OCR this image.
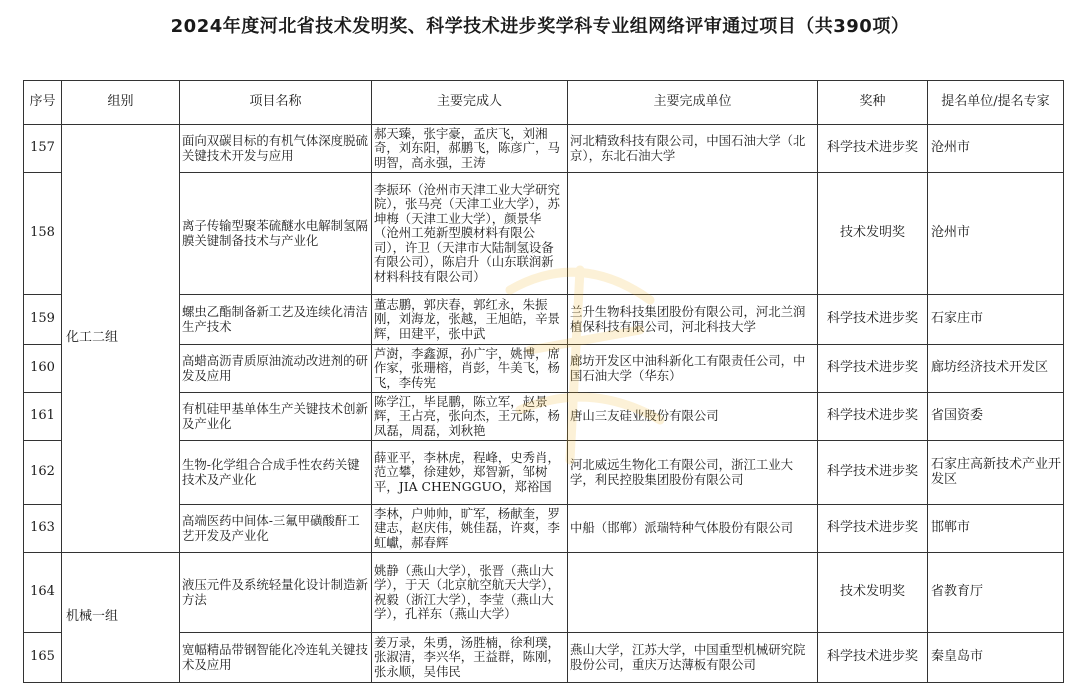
2024年度河北省技术发明奖、科学技术进步奖学科专业组网络评审通过项目（共390项）
序号	组别	项目名称	主要完成人	主要完成单位	奖种	提名单位/提名专家
157	化工二组	面向双碳目标的有机气体深度脱硫关键技术开发与应用	郝天臻，张宇豪，孟庆飞，刘湘奇，刘东阳，郝鹏飞，陈彦广，马明智，高永强，王涛	河北精致科技有限公司，中国石油大学（北京），东北石油大学	科学技术进步奖	沧州市
158		离子传输型聚苯硫醚水电解制氢隔膜关键制备技术与产业化	李振环（沧州市天津工业大学研究院），张马亮（天津工业大学），苏坤梅（天津工业大学），颜景华（沧州工苑新型膜材料有限公司），许卫（天津市大陆制氢设备有限公司），陈启升（山东联润新材料科技有限公司）		技术发明奖	沧州市
159		螺虫乙酯制备新工艺及连续化清洁生产技术	董志鹏，郭庆春，郭红永，朱振刚，刘海龙，张越，王旭皓，辛景辉，田建平，张中武	兰升生物科技集团股份有限公司，河北兰润植保科技有限公司，河北科技大学	科学技术进步奖	石家庄市
160		高蜡高沥青质原油流动改进剂的研发及应用	芦澍，李鑫源，孙广宇，姚博，席作家，张珊榕，肖彭，牛美飞，杨飞，李传宪	廊坊开发区中油科新化工有限责任公司，中国石油大学（华东）	科学技术进步奖	廊坊经济技术开发区
161		有机硅甲基单体生产关键技术创新及产业化	陈学江，毕昆鹏，陈立军，赵景辉，王占亮，张向杰，王元陈，杨凤磊，周磊，刘秋艳	唐山三友硅业股份有限公司	科学技术进步奖	省国资委
162		生物-化学组合合成手性农药关键技术及产业化	薛亚平，李林虎，程峰，史秀肖，范立攀，徐建妙，郑智新，邹树平，JIA CHENGGUO，郑裕国	河北威远生物化工有限公司，浙江工业大学，利民控股集团股份有限公司	科学技术进步奖	石家庄高新技术产业开发区
163		高端医药中间体-三氟甲磺酸酐工艺开发及产业化	李林，户帅帅，旷军，杨献奎，罗建志，赵庆伟，姚佳磊，许爽，李虹巘，郝春辉	中船（邯郸）派瑞特种气体股份有限公司	科学技术进步奖	邯郸市
164	机械一组	液压元件及系统轻量化设计制造新方法	姚静（燕山大学），张晋（燕山大学），于天（北京航空航天大学），祝毅（浙江大学），李莹（燕山大学），孔祥东（燕山大学）		技术发明奖	省教育厅
165		宽幅精品带钢智能化冷连轧关键技术及应用	姜万录，朱勇，汤胜楠，徐利璞，张淑清，李兴华，王益群，陈刚，张永顺，吴伟民	燕山大学，江苏大学，中国重型机械研究院股份公司，重庆万达薄板有限公司	科学技术进步奖	秦皇岛市
